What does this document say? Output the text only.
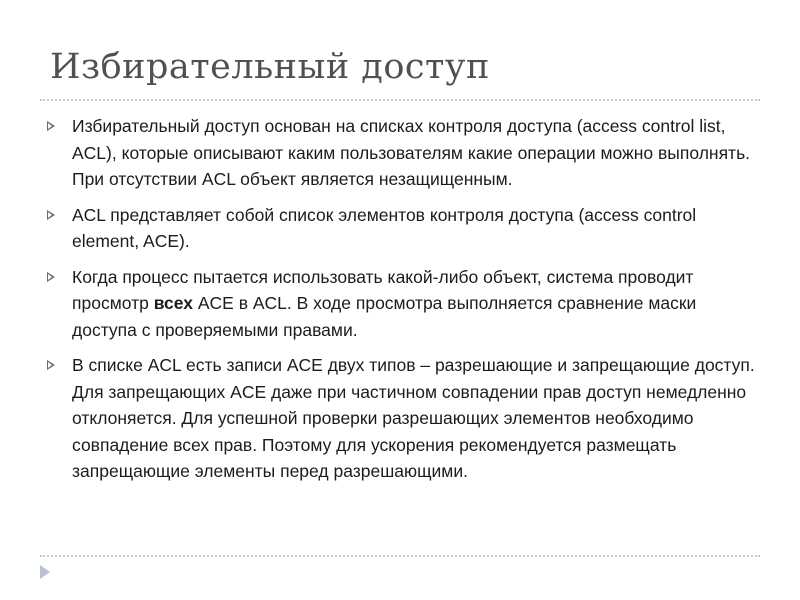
Избирательный доступ
Избирательный доступ основан на списках контроля доступа (access control list, ACL), которые описывают каким пользователям какие операции можно выполнять. При отсутствии ACL объект является незащищенным.
ACL представляет собой список элементов контроля доступа (access control element, ACE).
Когда процесс пытается использовать какой-либо объект, система проводит просмотр всех ACE в ACL. В ходе просмотра выполняется сравнение маски доступа с проверяемыми правами.
В списке ACL есть записи ACE двух типов – разрешающие и запрещающие доступ. Для запрещающих ACE даже при частичном совпадении прав доступ немедленно отклоняется. Для успешной проверки разрешающих элементов необходимо совпадение всех прав. Поэтому для ускорения рекомендуется размещать запрещающие элементы перед разрешающими.
